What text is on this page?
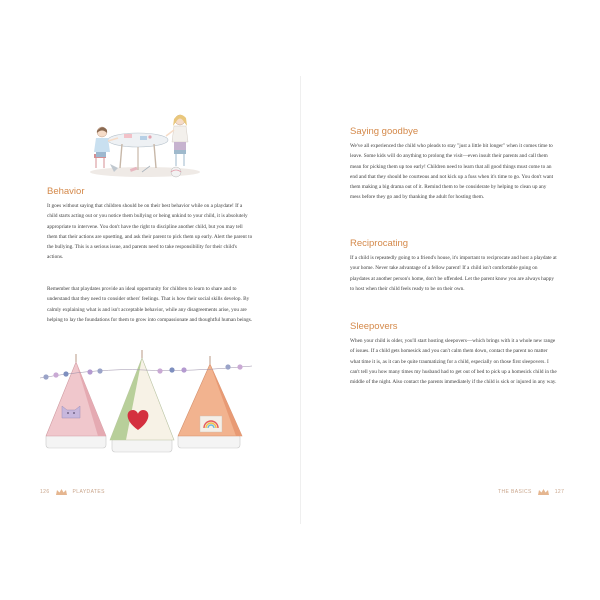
Behavior

It goes without saying that children should be on their best behavior while on a playdate! If a child starts acting out or you notice them bullying or being unkind to your child, it is absolutely appropriate to intervene. You don't have the right to discipline another child, but you may tell them that their actions are upsetting, and ask their parent to pick them up early. Alert the parent to the bullying. This is a serious issue, and parents need to take responsibility for their child's actions.

Remember that playdates provide an ideal opportunity for children to learn to share and to understand that they need to consider others' feelings. That is how their social skills develop. By calmly explaining what is and isn't acceptable behavior, while any disagreements arise, you are helping to lay the foundations for them to grow into compassionate and thoughtful human beings.

126	PLAYDATES
Saying goodbye

We've all experienced the child who pleads to stay "just a little bit longer" when it comes time to leave. Some kids will do anything to prolong the visit—even insult their parents and call them mean for picking them up too early! Children need to learn that all good things must come to an end and that they should be courteous and not kick up a fuss when it's time to go. You don't want them making a big drama out of it. Remind them to be considerate by helping to clean up any mess before they go and by thanking the adult for hosting them.

Reciprocating

If a child is repeatedly going to a friend's house, it's important to reciprocate and host a playdate at your home. Never take advantage of a fellow parent! If a child isn't comfortable going on playdates at another person's home, don't be offended. Let the parent know you are always happy to host when their child feels ready to be on their own.

Sleepovers

When your child is older, you'll start hosting sleepovers—which brings with it a whole new range of issues. If a child gets homesick and you can't calm them down, contact the parent no matter what time it is, as it can be quite traumatizing for a child, especially on those first sleepovers. I can't tell you how many times my husband had to get out of bed to pick up a homesick child in the middle of the night. Also contact the parents immediately if the child is sick or injured in any way.

THE BASICS	127
